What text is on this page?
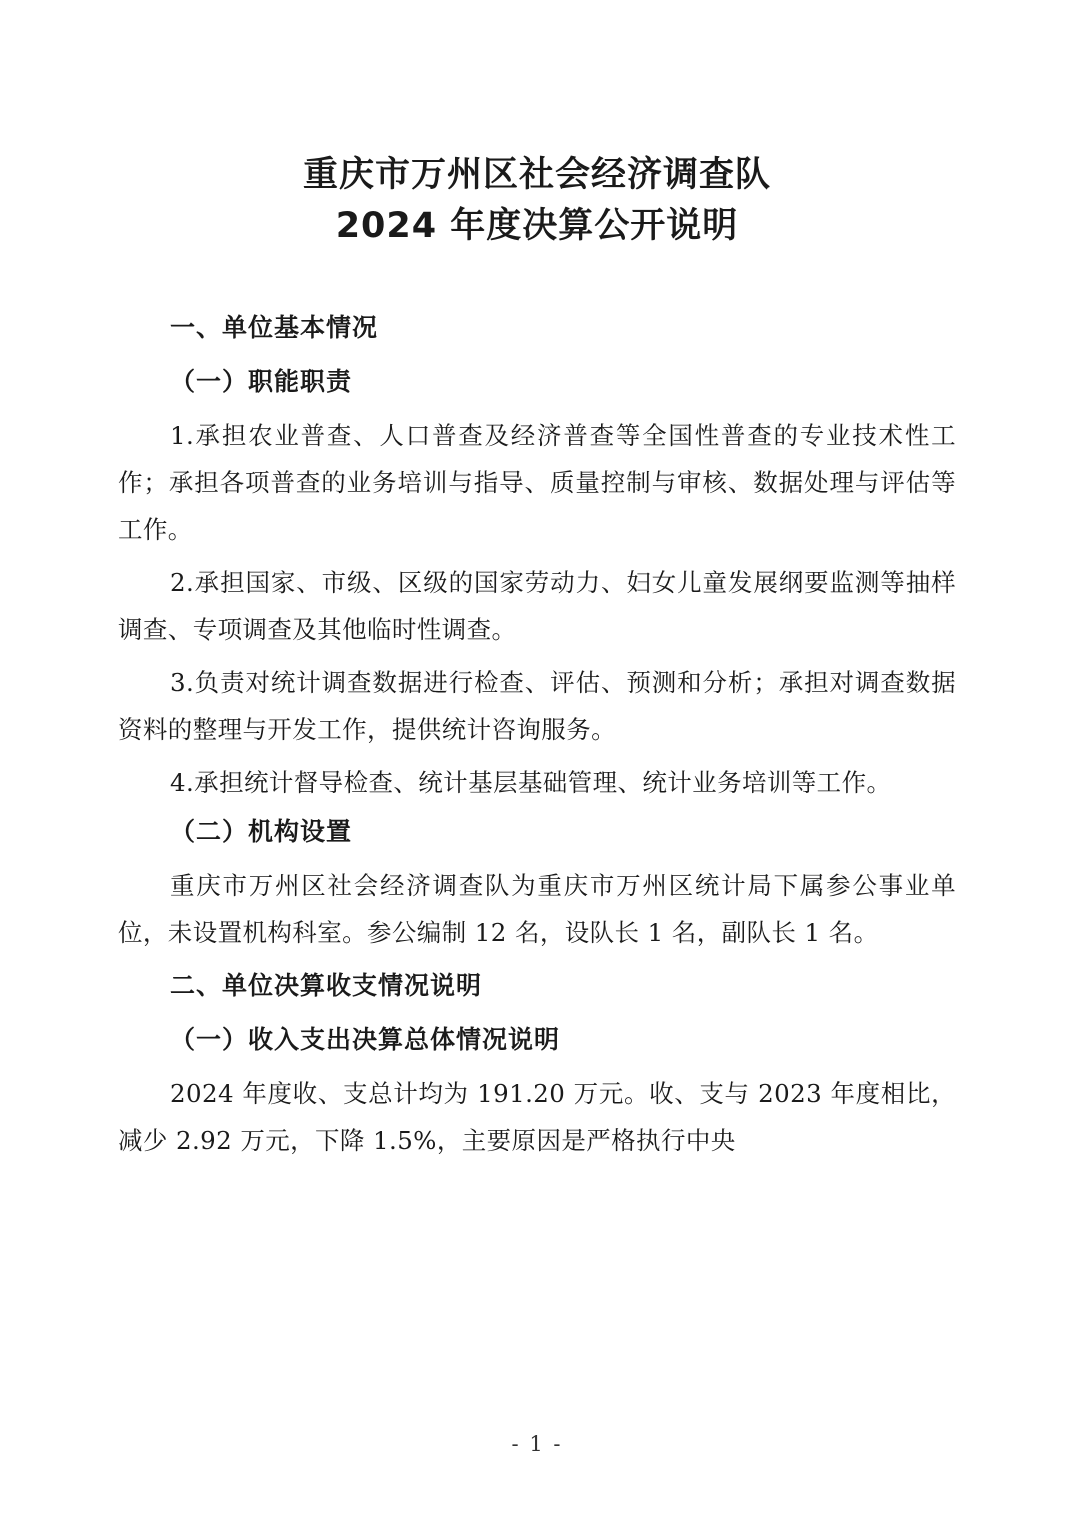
重庆市万州区社会经济调查队
2024 年度决算公开说明
一、单位基本情况
（一）职能职责

1.承担农业普查、人口普查及经济普查等全国性普查的专业技术性工作；承担各项普查的业务培训与指导、质量控制与审核、数据处理与评估等工作。

2.承担国家、市级、区级的国家劳动力、妇女儿童发展纲要监测等抽样调查、专项调查及其他临时性调查。

3.负责对统计调查数据进行检查、评估、预测和分析；承担对调查数据资料的整理与开发工作，提供统计咨询服务。

4.承担统计督导检查、统计基层基础管理、统计业务培训等工作。

（二）机构设置

重庆市万州区社会经济调查队为重庆市万州区统计局下属参公事业单位，未设置机构科室。参公编制 12 名，设队长 1 名，副队长 1 名。

二、单位决算收支情况说明
（一）收入支出决算总体情况说明

2024 年度收、支总计均为 191.20 万元。收、支与 2023 年度相比，减少 2.92 万元，下降 1.5%，主要原因是严格执行中央

- 1 -
